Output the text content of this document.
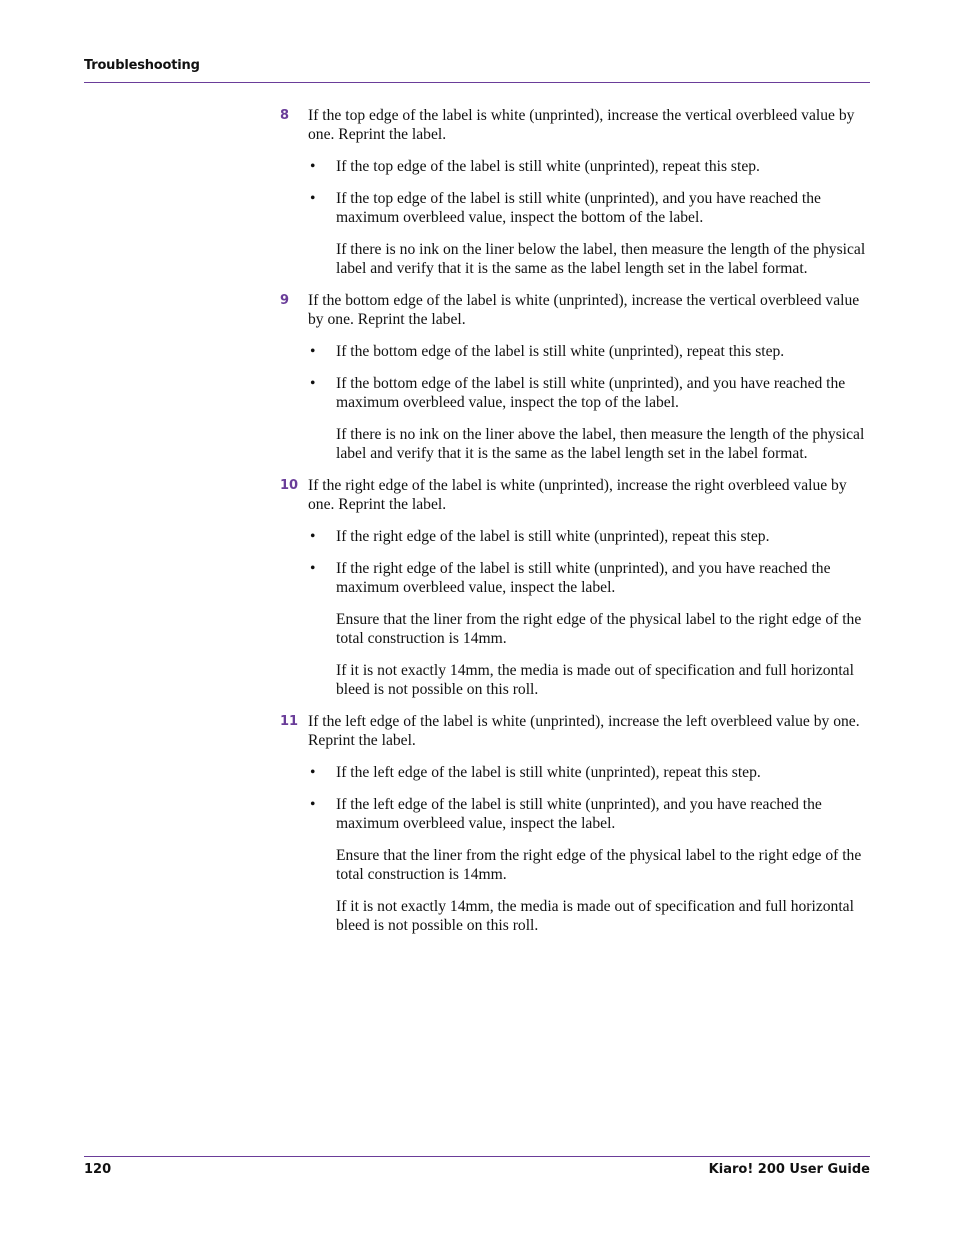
Troubleshooting
8 If the top edge of the label is white (unprinted), increase the vertical overbleed value by one. Reprint the label.
• If the top edge of the label is still white (unprinted), repeat this step.
• If the top edge of the label is still white (unprinted), and you have reached the maximum overbleed value, inspect the bottom of the label.
If there is no ink on the liner below the label, then measure the length of the physical label and verify that it is the same as the label length set in the label format.
9 If the bottom edge of the label is white (unprinted), increase the vertical overbleed value by one. Reprint the label.
• If the bottom edge of the label is still white (unprinted), repeat this step.
• If the bottom edge of the label is still white (unprinted), and you have reached the maximum overbleed value, inspect the top of the label.
If there is no ink on the liner above the label, then measure the length of the physical label and verify that it is the same as the label length set in the label format.
10 If the right edge of the label is white (unprinted), increase the right overbleed value by one. Reprint the label.
• If the right edge of the label is still white (unprinted), repeat this step.
• If the right edge of the label is still white (unprinted), and you have reached the maximum overbleed value, inspect the label.
Ensure that the liner from the right edge of the physical label to the right edge of the total construction is 14mm.
If it is not exactly 14mm, the media is made out of specification and full horizontal bleed is not possible on this roll.
11 If the left edge of the label is white (unprinted), increase the left overbleed value by one. Reprint the label.
• If the left edge of the label is still white (unprinted), repeat this step.
• If the left edge of the label is still white (unprinted), and you have reached the maximum overbleed value, inspect the label.
Ensure that the liner from the right edge of the physical label to the right edge of the total construction is 14mm.
If it is not exactly 14mm, the media is made out of specification and full horizontal bleed is not possible on this roll.
120	Kiaro! 200 User Guide
